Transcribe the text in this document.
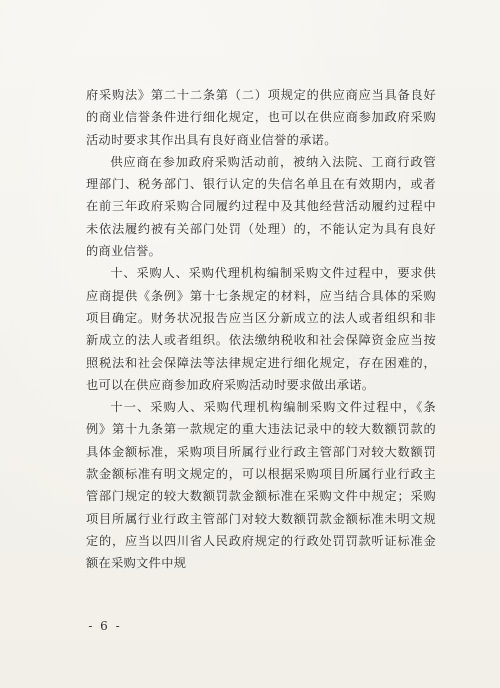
府采购法》第二十二条第（二）项规定的供应商应当具备良好的商业信誉条件进行细化规定，也可以在供应商参加政府采购活动时要求其作出具有良好商业信誉的承诺。

供应商在参加政府采购活动前，被纳入法院、工商行政管理部门、税务部门、银行认定的失信名单且在有效期内，或者在前三年政府采购合同履约过程中及其他经营活动履约过程中未依法履约被有关部门处罚（处理）的，不能认定为具有良好的商业信誉。

十、采购人、采购代理机构编制采购文件过程中，要求供应商提供《条例》第十七条规定的材料，应当结合具体的采购项目确定。财务状况报告应当区分新成立的法人或者组织和非新成立的法人或者组织。依法缴纳税收和社会保障资金应当按照税法和社会保障法等法律规定进行细化规定，存在困难的，也可以在供应商参加政府采购活动时要求做出承诺。

十一、采购人、采购代理机构编制采购文件过程中，《条例》第十九条第一款规定的重大违法记录中的较大数额罚款的具体金额标准，采购项目所属行业行政主管部门对较大数额罚款金额标准有明文规定的，可以根据采购项目所属行业行政主管部门规定的较大数额罚款金额标准在采购文件中规定；采购项目所属行业行政主管部门对较大数额罚款金额标准未明文规定的，应当以四川省人民政府规定的行政处罚罚款听证标准金额在采购文件中规

- 6 -
